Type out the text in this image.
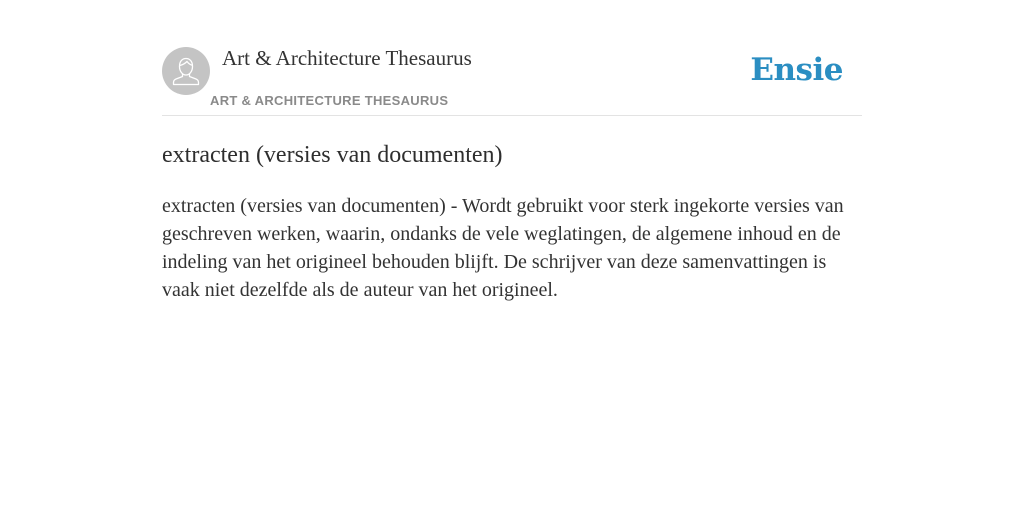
Art & Architecture Thesaurus
ART & ARCHITECTURE THESAURUS
Ensie
extracten (versies van documenten)

extracten (versies van documenten) - Wordt gebruikt voor sterk ingekorte versies van geschreven werken, waarin, ondanks de vele weglatingen, de algemene inhoud en de indeling van het origineel behouden blijft. De schrijver van deze samenvattingen is vaak niet dezelfde als de auteur van het origineel.
